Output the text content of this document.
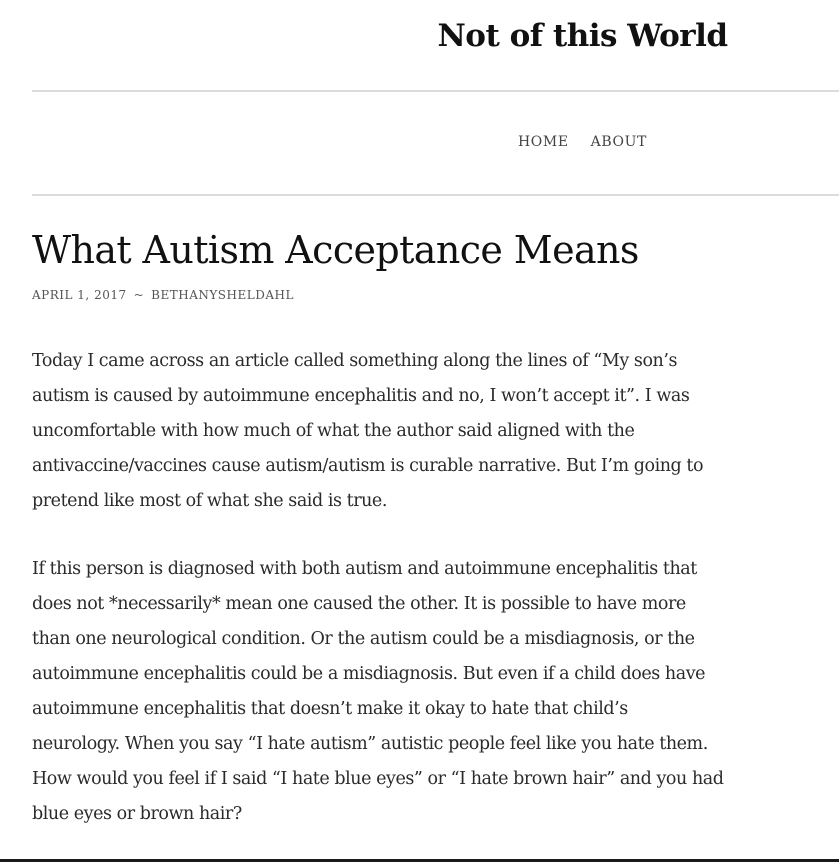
Not of this World
HOME ABOUT
What Autism Acceptance Means
APRIL 1, 2017 ~ BETHANYSHELDAHL

Today I came across an article called something along the lines of “My son’s
autism is caused by autoimmune encephalitis and no, I won’t accept it”. I was
uncomfortable with how much of what the author said aligned with the
antivaccine/vaccines cause autism/autism is curable narrative. But I’m going to
pretend like most of what she said is true.

If this person is diagnosed with both autism and autoimmune encephalitis that
does not *necessarily* mean one caused the other. It is possible to have more
than one neurological condition. Or the autism could be a misdiagnosis, or the
autoimmune encephalitis could be a misdiagnosis. But even if a child does have
autoimmune encephalitis that doesn’t make it okay to hate that child’s
neurology. When you say “I hate autism” autistic people feel like you hate them.
How would you feel if I said “I hate blue eyes” or “I hate brown hair” and you had
blue eyes or brown hair?
